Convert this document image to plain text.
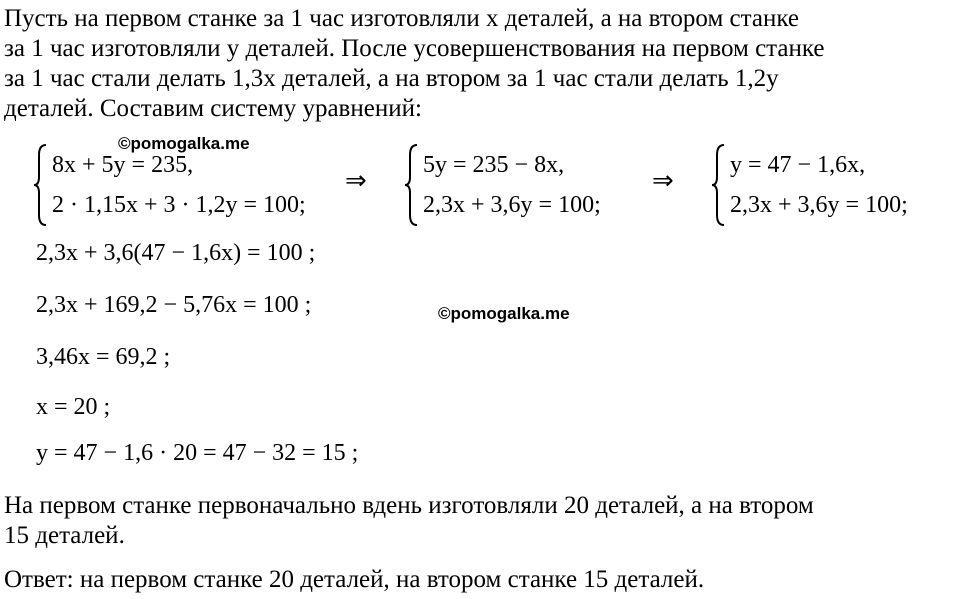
Пусть на первом станке за 1 час изготовляли x деталей, а на втором станке
за 1 час изготовляли y деталей. После усовершенствования на первом станке
за 1 час стали делать 1,3x деталей, а на втором за 1 час стали делать 1,2y
деталей. Составим систему уравнений:

©pomogalka.me
©pomogalka.me
8x + 5y = 235,
2 · 1,15x + 3 · 1,2y = 100;
⇒
5y = 235 − 8x,
2,3x + 3,6y = 100;
⇒
y = 47 − 1,6x,
2,3x + 3,6y = 100;
2,3x + 3,6(47 − 1,6x) = 100 ;
2,3x + 169,2 − 5,76x = 100 ;
3,46x = 69,2 ;
x = 20 ;
y = 47 − 1,6 · 20 = 47 − 32 = 15 ;

На первом станке первоначально вдень изготовляли 20 деталей, а на втором
15 деталей.

Ответ: на первом станке 20 деталей, на втором станке 15 деталей.
